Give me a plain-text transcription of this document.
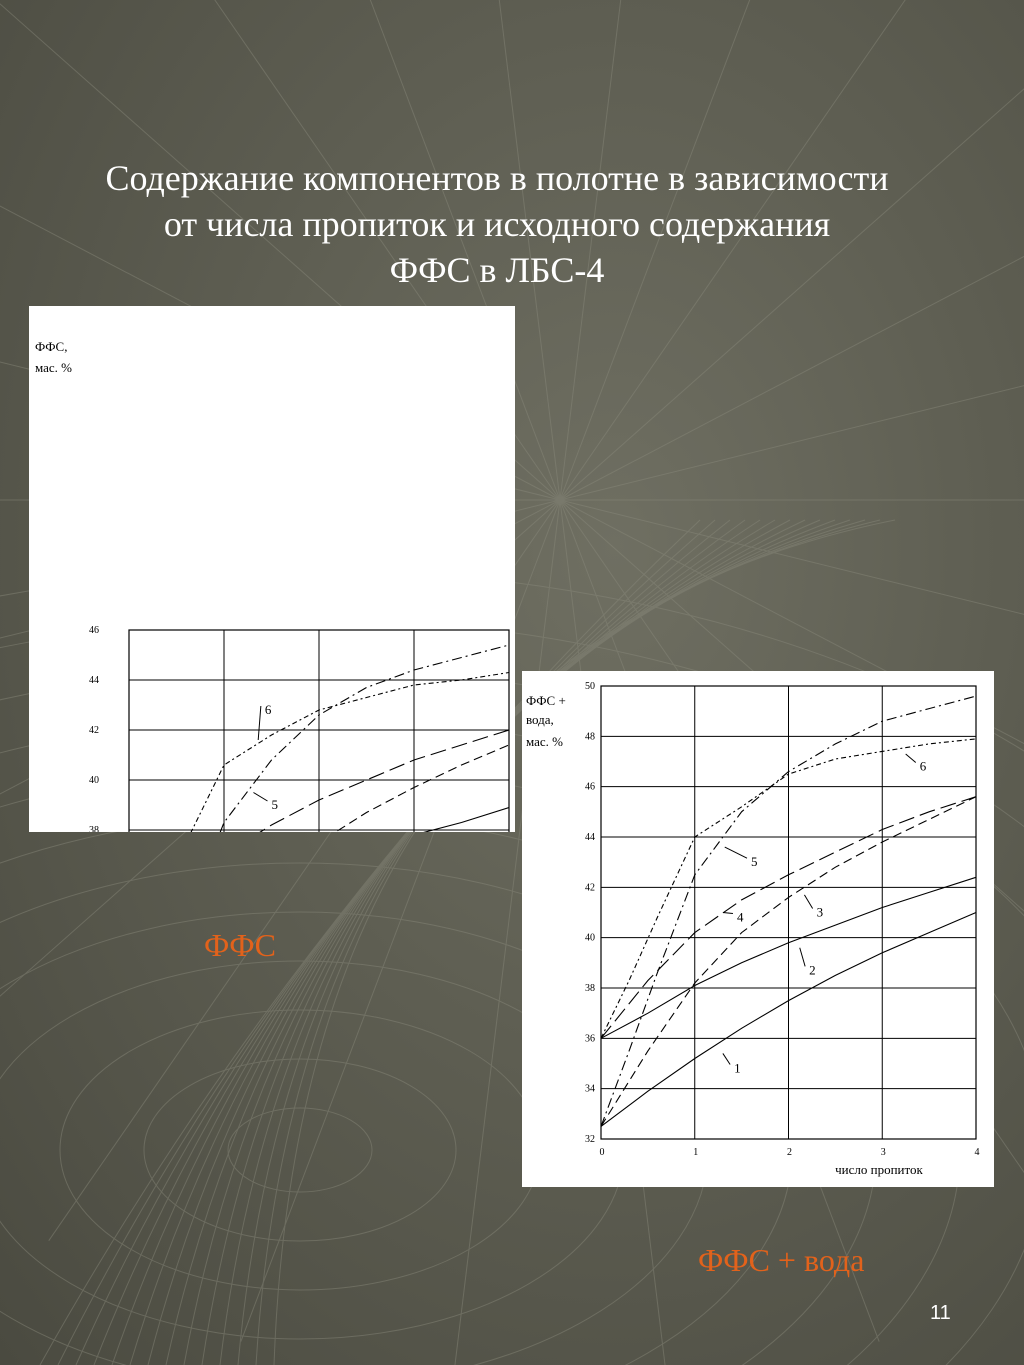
Содержание компонентов в полотне в зависимости
от числа пропиток и исходного содержания
ФФС в ЛБС-4
38
40
42
44
46
ФФС,
мас. %
5
6
32
34
36
38
40
42
44
46
48
50
0	1	2	3	4
ФФС +
вода,
мас. %
число пропиток
1
2
3
4
5
6
ФФС
ФФС + вода
11
